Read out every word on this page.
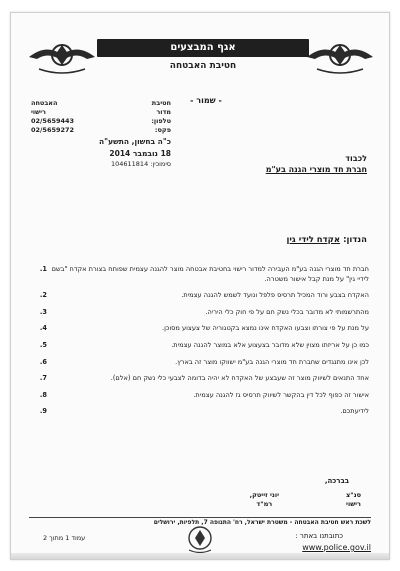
אגף המבצעים
חטיבת האבטחה
- שמור -
האבטחה	חטיבת
רישוי	מדור
02/5659443	טלפון:
02/5659272	פקס:
כ"ה בחשון, התשע"ה
18 נובמבר 2014
סימוכין: 104611814
לכבוד
חברת חד מוצרי הגנה בע"מ
הנדון: אקדח לידי גין
1. חברת חד מוצרי הגנה בע"מ העבירה למדור רישוי בחטיבת אבטחה מוצר להגנה עצמית שפותח בצורת אקדח "בשם לידיי גין" על מנת קבל אישור משטרה.
2.	האקדח בצבע ורוד המכיל תרסיס פלפל ונועד לשמש להגנה עצמית.
3.	מהתרשמותי לא מדובר בכלי נשק חם על פי חוק כלי היריה.
4.	על מנת על פי צורתו וצבעו האקדח אינו נמצא בקטגוריה של צעצוע מסוכן.
5.	כמו כן על אריזתו מצוין שלא מדובר בצעצוע אלא במוצר להגנה עצמית.
6.	לכן אינו מתנגדים שחברת חד מוצרי הגנה בע"מ ישווקו מוצר זה בארץ.
7.	אחד התנאים לשיווק מוצר זה שעבצע של האקדח לא יהיה בדומה לצבעי כלי נשק חם (אלם).
8.	אישור זה כפוף לכל דין בהקשר לשיווק תרסיס גז להגנה עצמית.
9.	לידיעתכם.
בברכה,
יוני זייטק,
רמ"ד
סנ"צ
רישוי
לשכת ראש חטיבת האבטחה - משטרת ישראל, רח' התנופה 7, תלפיות, ירושלים
עמוד 1 מתוך 2	כתובתנו באתר :
www.police.gov.il
